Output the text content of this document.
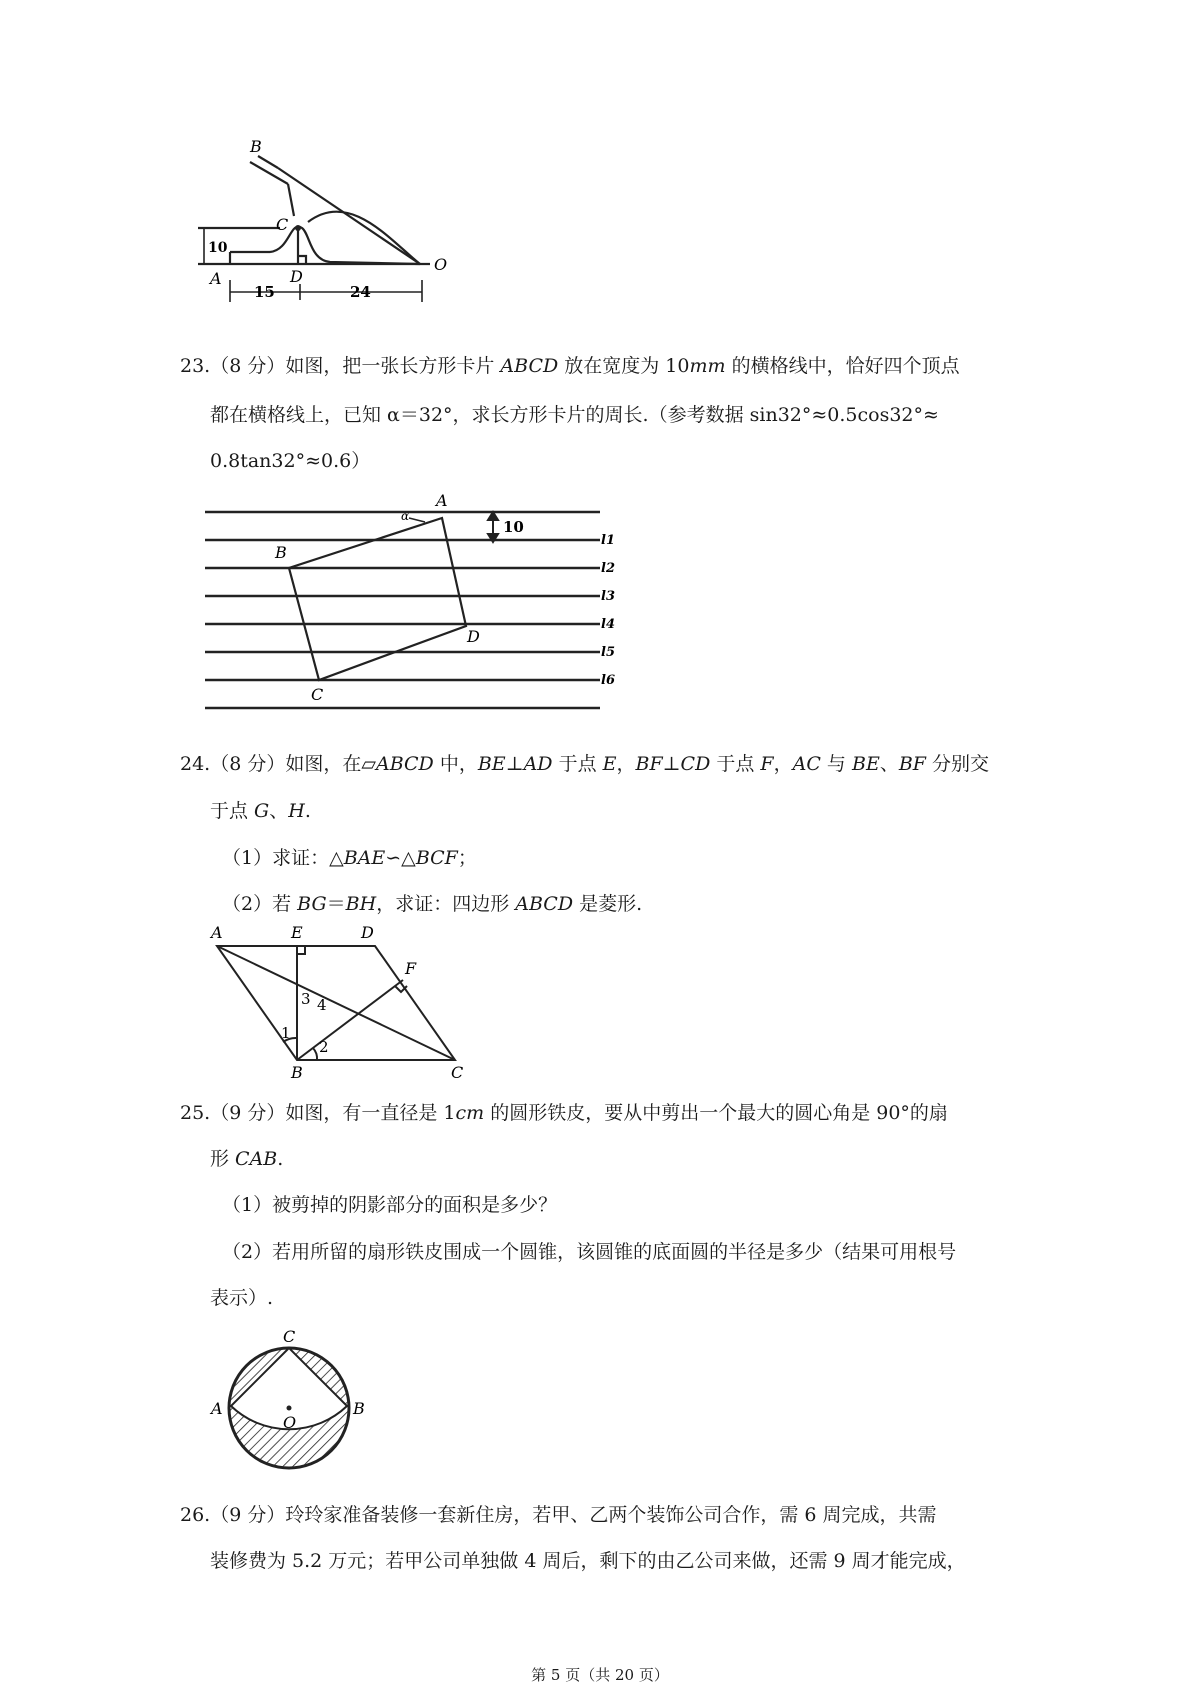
B
C
A	D
O
10
15	24
23.（8 分）如图，把一张长方形卡片 ABCD 放在宽度为 10mm 的横格线中，恰好四个顶点
都在横格线上，已知 α＝32°，求长方形卡片的周长.（参考数据 sin32°≈0.5cos32°≈
0.8tan32°≈0.6）
A
α
B
D
C
10
l1
l2
l3
l4
l5
l6
24.（8 分）如图，在▱ABCD 中，BE⊥AD 于点 E，BF⊥CD 于点 F，AC 与 BE、BF 分别交
于点 G、H.
（1）求证：△BAE∽△BCF；
（2）若 BG＝BH，求证：四边形 ABCD 是菱形.
A	E	D
F
B	C
1
2
3 4
25.（9 分）如图，有一直径是 1cm 的圆形铁皮，要从中剪出一个最大的圆心角是 90°的扇
形 CAB.
（1）被剪掉的阴影部分的面积是多少？
（2）若用所留的扇形铁皮围成一个圆锥，该圆锥的底面圆的半径是多少（结果可用根号
表示）.
C
A
O
B
26.（9 分）玲玲家准备装修一套新住房，若甲、乙两个装饰公司合作，需 6 周完成，共需
装修费为 5.2 万元；若甲公司单独做 4 周后，剩下的由乙公司来做，还需 9 周才能完成，
第 5 页（共 20 页）
